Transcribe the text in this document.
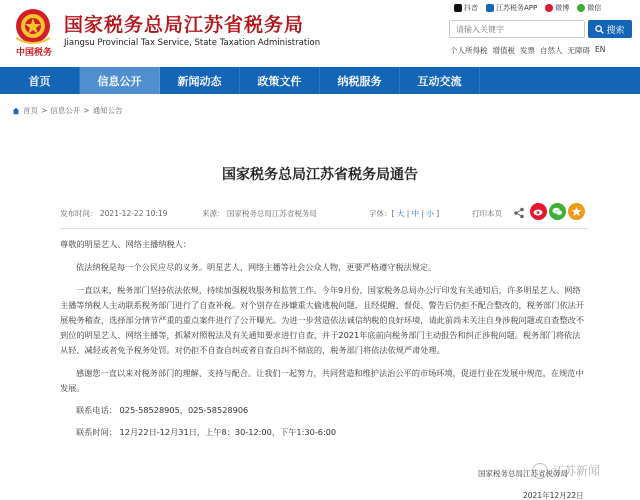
中国税务
国家税务总局江苏省税务局
Jiangsu Provincial Tax Service, State Taxation Administration
抖音	江苏税务APP	微博	微信
请输入关键字
搜索
个人所得税 增值税 发票 自然人 无障碍 EN
首页	信息公开	新闻动态	政策文件	纳税服务	互动交流
首页 > 信息公开 > 通知公告
国家税务总局江苏省税务局通告
发布时间： 2021-12-22 10:19	来源： 国家税务总局江苏省税务局	字体：[ 大 | 中 | 小 ]	打印本页
尊敬的明星艺人、网络主播纳税人：
依法纳税是每一个公民应尽的义务。明星艺人、网络主播等社会公众人物，更要严格遵守税法规定。
一直以来，税务部门坚持依法依规，持续加强税收服务和监管工作。今年9月份，国家税务总局办公厅印发有关通知后，许多明星艺人、网络主播等纳税人主动联系税务部门进行了自查补税。对个别存在涉嫌重大偷逃税问题，且经提醒、督促、警告后仍拒不配合整改的，税务部门依法开展税务稽查，选择部分情节严重的重点案件进行了公开曝光。为进一步营造依法诚信纳税的良好环境，请此前尚未关注自身涉税问题或自查整改不到位的明星艺人、网络主播等，抓紧对照税法及有关通知要求进行自查，并于2021年底前向税务部门主动报告和纠正涉税问题。税务部门将依法从轻、减轻或者免予税务处罚。对仍拒不自查自纠或者自查自纠不彻底的，税务部门将依法依规严肃处理。
感谢您一直以来对税务部门的理解、支持与配合。让我们一起努力，共同营造和维护法治公平的市场环境，促进行业在发展中规范，在规范中发展。
联系电话： 025-58528905，025-58528906
联系时间： 12月22日-12月31日，上午8：30-12:00，下午1:30-6:00
国家税务总局江苏省税务局
2021年12月22日
江苏新闻
